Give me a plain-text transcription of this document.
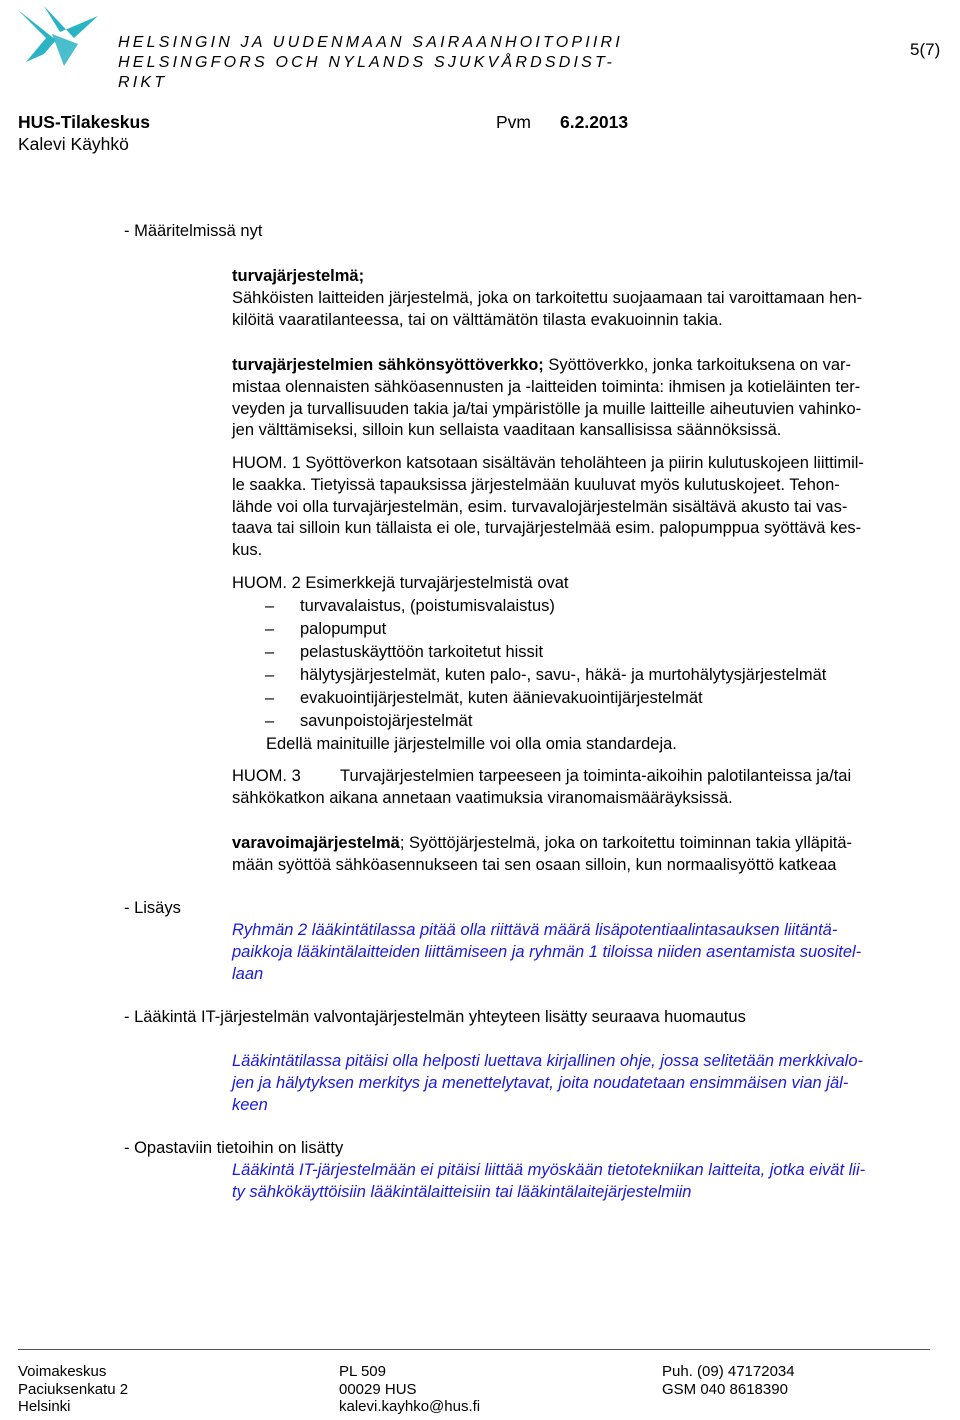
HELSINGIN JA UUDENMAAN SAIRAANHOITOPIIRI
HELSINGFORS OCH NYLANDS SJUKVÅRDSDIST-
RIKT
5(7)
HUS-Tilakeskus
Kalevi Käyhkö
Pvm 6.2.2013
- Määritelmissä nyt
turvajärjestelmä;
Sähköisten laitteiden järjestelmä, joka on tarkoitettu suojaamaan tai varoittamaan hen-
kilöitä vaaratilanteessa, tai on välttämätön tilasta evakuoinnin takia.
turvajärjestelmien sähkönsyöttöverkko; Syöttöverkko, jonka tarkoituksena on var-
mistaa olennaisten sähköasennusten ja -laitteiden toiminta: ihmisen ja kotieläinten ter-
veyden ja turvallisuuden takia ja/tai ympäristölle ja muille laitteille aiheutuvien vahinko-
jen välttämiseksi, silloin kun sellaista vaaditaan kansallisissa säännöksissä.
HUOM. 1 Syöttöverkon katsotaan sisältävän teholähteen ja piirin kulutuskojeen liittimil-
le saakka. Tietyissä tapauksissa järjestelmään kuuluvat myös kulutuskojeet. Tehon-
lähde voi olla turvajärjestelmän, esim. turvavalojärjestelmän sisältävä akusto tai vas-
taava tai silloin kun tällaista ei ole, turvajärjestelmää esim. palopumppua syöttävä kes-
kus.
HUOM. 2 Esimerkkejä turvajärjestelmistä ovat
– turvavalaistus, (poistumisvalaistus)
– palopumput
– pelastuskäyttöön tarkoitetut hissit
– hälytysjärjestelmät, kuten palo-, savu-, häkä- ja murtohälytysjärjestelmät
– evakuointijärjestelmät, kuten äänievakuointijärjestelmät
– savunpoistojärjestelmät
Edellä mainituille järjestelmille voi olla omia standardeja.
HUOM. 3 Turvajärjestelmien tarpeeseen ja toiminta-aikoihin palotilanteissa ja/tai
sähkökatkon aikana annetaan vaatimuksia viranomaismääräyksissä.
varavoimajärjestelmä; Syöttöjärjestelmä, joka on tarkoitettu toiminnan takia ylläpitä-
mään syöttöä sähköasennukseen tai sen osaan silloin, kun normaalisyöttö katkeaa
- Lisäys
Ryhmän 2 lääkintätilassa pitää olla riittävä määrä lisäpotentiaalintasauksen liitäntä-
paikkoja lääkintälaitteiden liittämiseen ja ryhmän 1 tiloissa niiden asentamista suositel-
laan
- Lääkintä IT-järjestelmän valvontajärjestelmän yhteyteen lisätty seuraava huomautus
Lääkintätilassa pitäisi olla helposti luettava kirjallinen ohje, jossa selitetään merkkivalo-
jen ja hälytyksen merkitys ja menettelytavat, joita noudatetaan ensimmäisen vian jäl-
keen
- Opastaviin tietoihin on lisätty
Lääkintä IT-järjestelmään ei pitäisi liittää myöskään tietotekniikan laitteita, jotka eivät lii-
ty sähkökäyttöisiin lääkintälaitteisiin tai lääkintälaitejärjestelmiin
Voimakeskus
Paciuksenkatu 2
Helsinki
PL 509
00029 HUS
kalevi.kayhko@hus.fi
Puh. (09) 47172034
GSM 040 8618390
